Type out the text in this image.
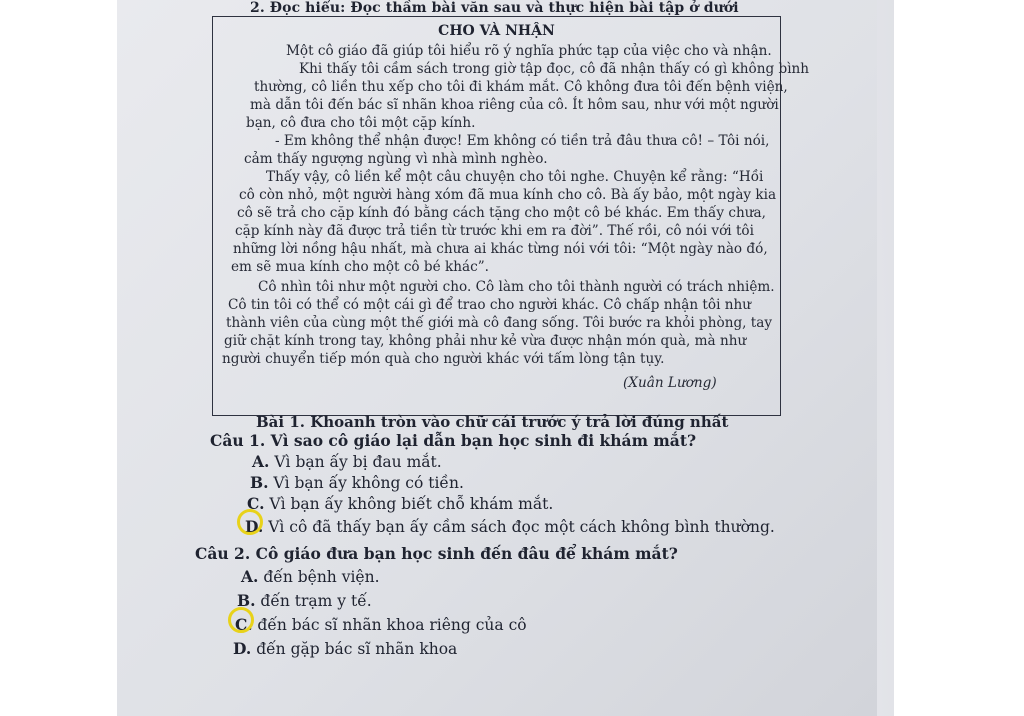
2. Đọc hiểu: Đọc thầm bài văn sau và thực hiện bài tập ở dưới
CHO VÀ NHẬN
Một cô giáo đã giúp tôi hiểu rõ ý nghĩa phức tạp của việc cho và nhận.
Khi thấy tôi cầm sách trong giờ tập đọc, cô đã nhận thấy có gì không bình
thường, cô liền thu xếp cho tôi đi khám mắt. Cô không đưa tôi đến bệnh viện,
mà dẫn tôi đến bác sĩ nhãn khoa riêng của cô. Ít hôm sau, như với một người
bạn, cô đưa cho tôi một cặp kính.
- Em không thể nhận được! Em không có tiền trả đâu thưa cô! – Tôi nói,
cảm thấy ngượng ngùng vì nhà mình nghèo.
Thấy vậy, cô liền kể một câu chuyện cho tôi nghe. Chuyện kể rằng: “Hồi
cô còn nhỏ, một người hàng xóm đã mua kính cho cô. Bà ấy bảo, một ngày kia
cô sẽ trả cho cặp kính đó bằng cách tặng cho một cô bé khác. Em thấy chưa,
cặp kính này đã được trả tiền từ trước khi em ra đời”. Thế rồi, cô nói với tôi
những lời nồng hậu nhất, mà chưa ai khác từng nói với tôi: “Một ngày nào đó,
em sẽ mua kính cho một cô bé khác”.
Cô nhìn tôi như một người cho. Cô làm cho tôi thành người có trách nhiệm.
Cô tin tôi có thể có một cái gì để trao cho người khác. Cô chấp nhận tôi như
thành viên của cùng một thế giới mà cô đang sống. Tôi bước ra khỏi phòng, tay
giữ chặt kính trong tay, không phải như kẻ vừa được nhận món quà, mà như
người chuyển tiếp món quà cho người khác với tấm lòng tận tụy.
(Xuân Lương)
Bài 1. Khoanh tròn vào chữ cái trước ý trả lời đúng nhất
Câu 1. Vì sao cô giáo lại dẫn bạn học sinh đi khám mắt?
A. Vì bạn ấy bị đau mắt.
B. Vì bạn ấy không có tiền.
C. Vì bạn ấy không biết chỗ khám mắt.
D. Vì cô đã thấy bạn ấy cầm sách đọc một cách không bình thường.
Câu 2. Cô giáo đưa bạn học sinh đến đâu để khám mắt?
A. đến bệnh viện.
B. đến trạm y tế.
C. đến bác sĩ nhãn khoa riêng của cô
D. đến gặp bác sĩ nhãn khoa
